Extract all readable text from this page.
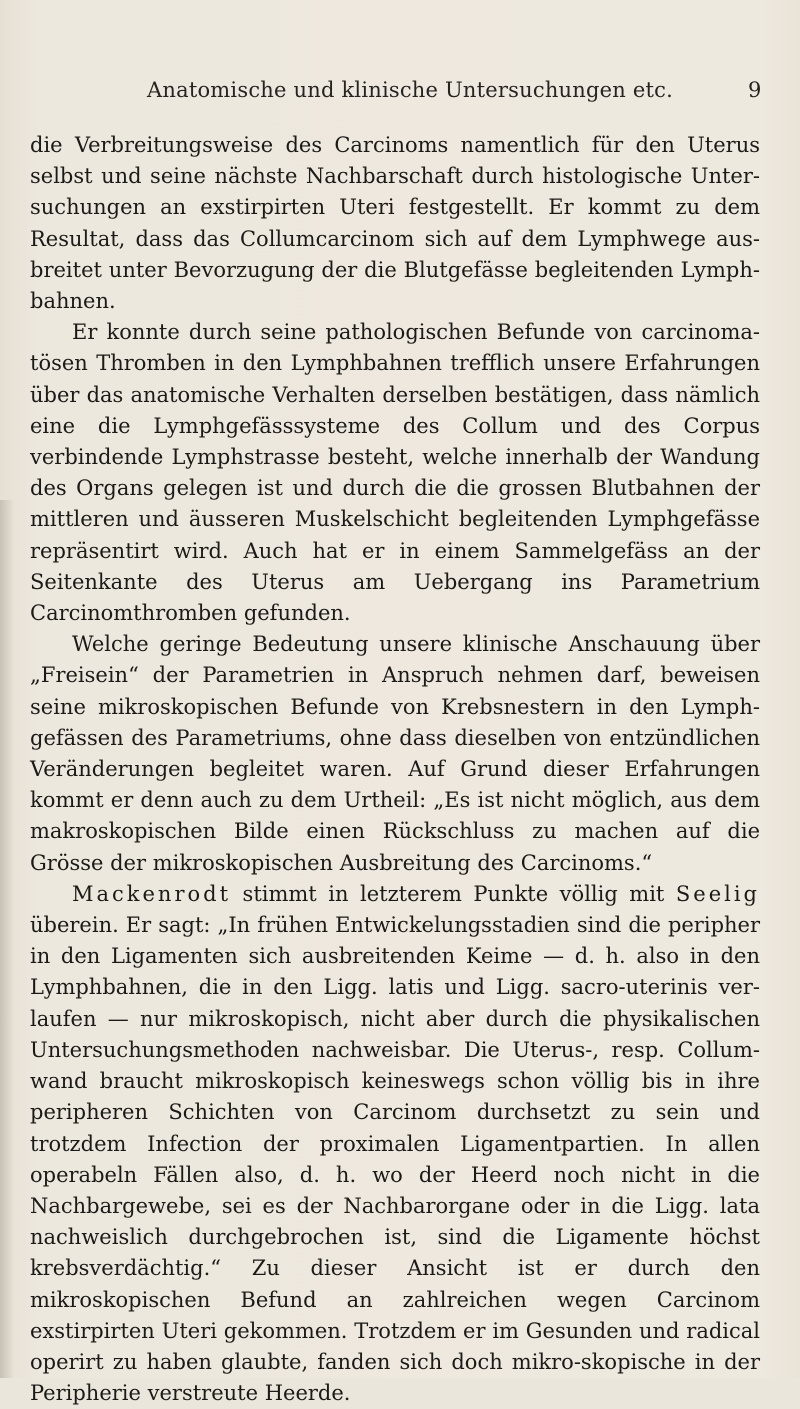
Anatomische und klinische Untersuchungen etc.	9

die Verbreitungsweise des Carcinoms namentlich für den Uterus selbst und seine nächste Nachbarschaft durch histologische Unter-suchungen an exstirpirten Uteri festgestellt. Er kommt zu dem Resultat, dass das Collumcarcinom sich auf dem Lymphwege aus-breitet unter Bevorzugung der die Blutgefässe begleitenden Lymph-bahnen.

Er konnte durch seine pathologischen Befunde von carcinoma-tösen Thromben in den Lymphbahnen trefflich unsere Erfahrungen über das anatomische Verhalten derselben bestätigen, dass nämlich eine die Lymphgefässsysteme des Collum und des Corpus verbindende Lymphstrasse besteht, welche innerhalb der Wandung des Organs gelegen ist und durch die die grossen Blutbahnen der mittleren und äusseren Muskelschicht begleitenden Lymphgefässe repräsentirt wird. Auch hat er in einem Sammelgefäss an der Seitenkante des Uterus am Uebergang ins Parametrium Carcinomthromben gefunden.

Welche geringe Bedeutung unsere klinische Anschauung über „Freisein“ der Parametrien in Anspruch nehmen darf, beweisen seine mikroskopischen Befunde von Krebsnestern in den Lymph-gefässen des Parametriums, ohne dass dieselben von entzündlichen Veränderungen begleitet waren. Auf Grund dieser Erfahrungen kommt er denn auch zu dem Urtheil: „Es ist nicht möglich, aus dem makroskopischen Bilde einen Rückschluss zu machen auf die Grösse der mikroskopischen Ausbreitung des Carcinoms.“

Mackenrodt stimmt in letzterem Punkte völlig mit Seelig überein. Er sagt: „In frühen Entwickelungsstadien sind die peripher in den Ligamenten sich ausbreitenden Keime — d. h. also in den Lymphbahnen, die in den Ligg. latis und Ligg. sacro-uterinis ver-laufen — nur mikroskopisch, nicht aber durch die physikalischen Untersuchungsmethoden nachweisbar. Die Uterus-, resp. Collum-wand braucht mikroskopisch keineswegs schon völlig bis in ihre peripheren Schichten von Carcinom durchsetzt zu sein und trotzdem Infection der proximalen Ligamentpartien. In allen operabeln Fällen also, d. h. wo der Heerd noch nicht in die Nachbargewebe, sei es der Nachbarorgane oder in die Ligg. lata nachweislich durchgebrochen ist, sind die Ligamente höchst krebsverdächtig.“ Zu dieser Ansicht ist er durch den mikroskopischen Befund an zahlreichen wegen Carcinom exstirpirten Uteri gekommen. Trotzdem er im Gesunden und radical operirt zu haben glaubte, fanden sich doch mikro-skopische in der Peripherie verstreute Heerde.
